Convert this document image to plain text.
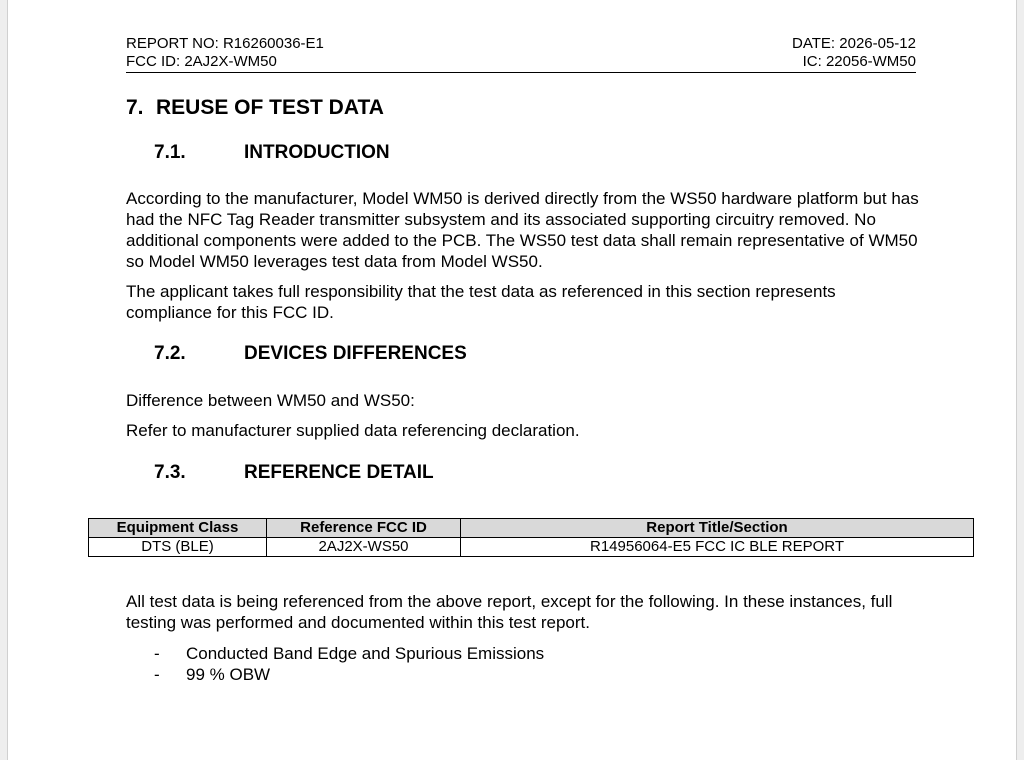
REPORT NO: R16260036-E1	DATE: 2026-05-12
FCC ID: 2AJ2X-WM50	IC: 22056-WM50
7. REUSE OF TEST DATA
7.1.	INTRODUCTION

According to the manufacturer, Model WM50 is derived directly from the WS50 hardware platform but has had the NFC Tag Reader transmitter subsystem and its associated supporting circuitry removed. No additional components were added to the PCB. The WS50 test data shall remain representative of WM50 so Model WM50 leverages test data from Model WS50.

The applicant takes full responsibility that the test data as referenced in this section represents compliance for this FCC ID.

7.2.	DEVICES DIFFERENCES

Difference between WM50 and WS50:

Refer to manufacturer supplied data referencing declaration.

7.3.	REFERENCE DETAIL
Equipment Class	Reference FCC ID	Report Title/Section
DTS (BLE)	2AJ2X-WS50	R14956064-E5 FCC IC BLE REPORT

All test data is being referenced from the above report, except for the following. In these instances, full testing was performed and documented within this test report.

-	Conducted Band Edge and Spurious Emissions
-	99 % OBW
